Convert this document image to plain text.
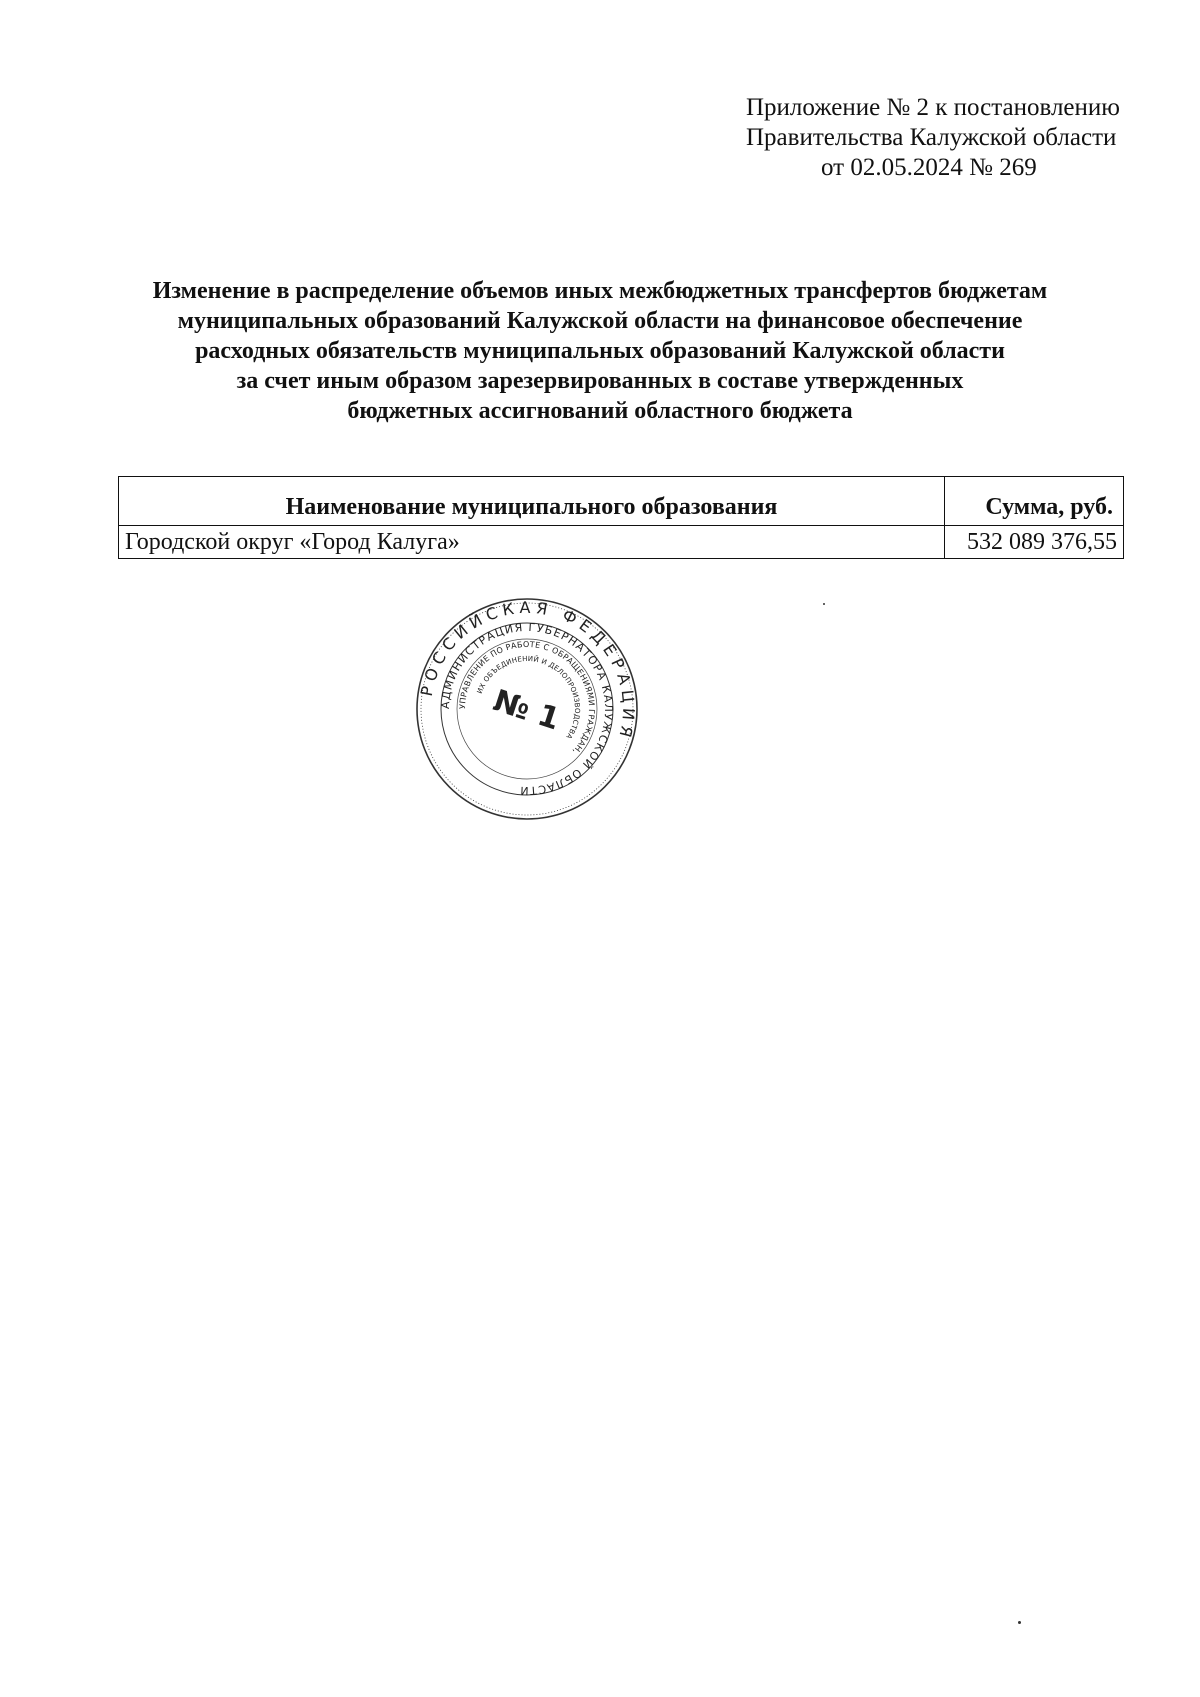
Приложение № 2 к постановлению
Правительства Калужской области
от 02.05.2024 № 269
Изменение в распределение объемов иных межбюджетных трансфертов бюджетам
муниципальных образований Калужской области на финансовое обеспечение
расходных обязательств муниципальных образований Калужской области
за счет иным образом зарезервированных в составе утвержденных
бюджетных ассигнований областного бюджета
Наименование муниципального образования	Сумма, руб.
Городской округ «Город Калуга»	532 089 376,55
РОССИЙСКАЯ ФЕДЕРАЦИЯ
АДМИНИСТРАЦИЯ ГУБЕРНАТОРА КАЛУЖСКОЙ ОБЛАСТИ
УПРАВЛЕНИЕ ПО РАБОТЕ С ОБРАЩЕНИЯМИ ГРАЖДАН,
ИХ ОБЪЕДИНЕНИЙ И ДЕЛОПРОИЗВОДСТВА
№ 1
